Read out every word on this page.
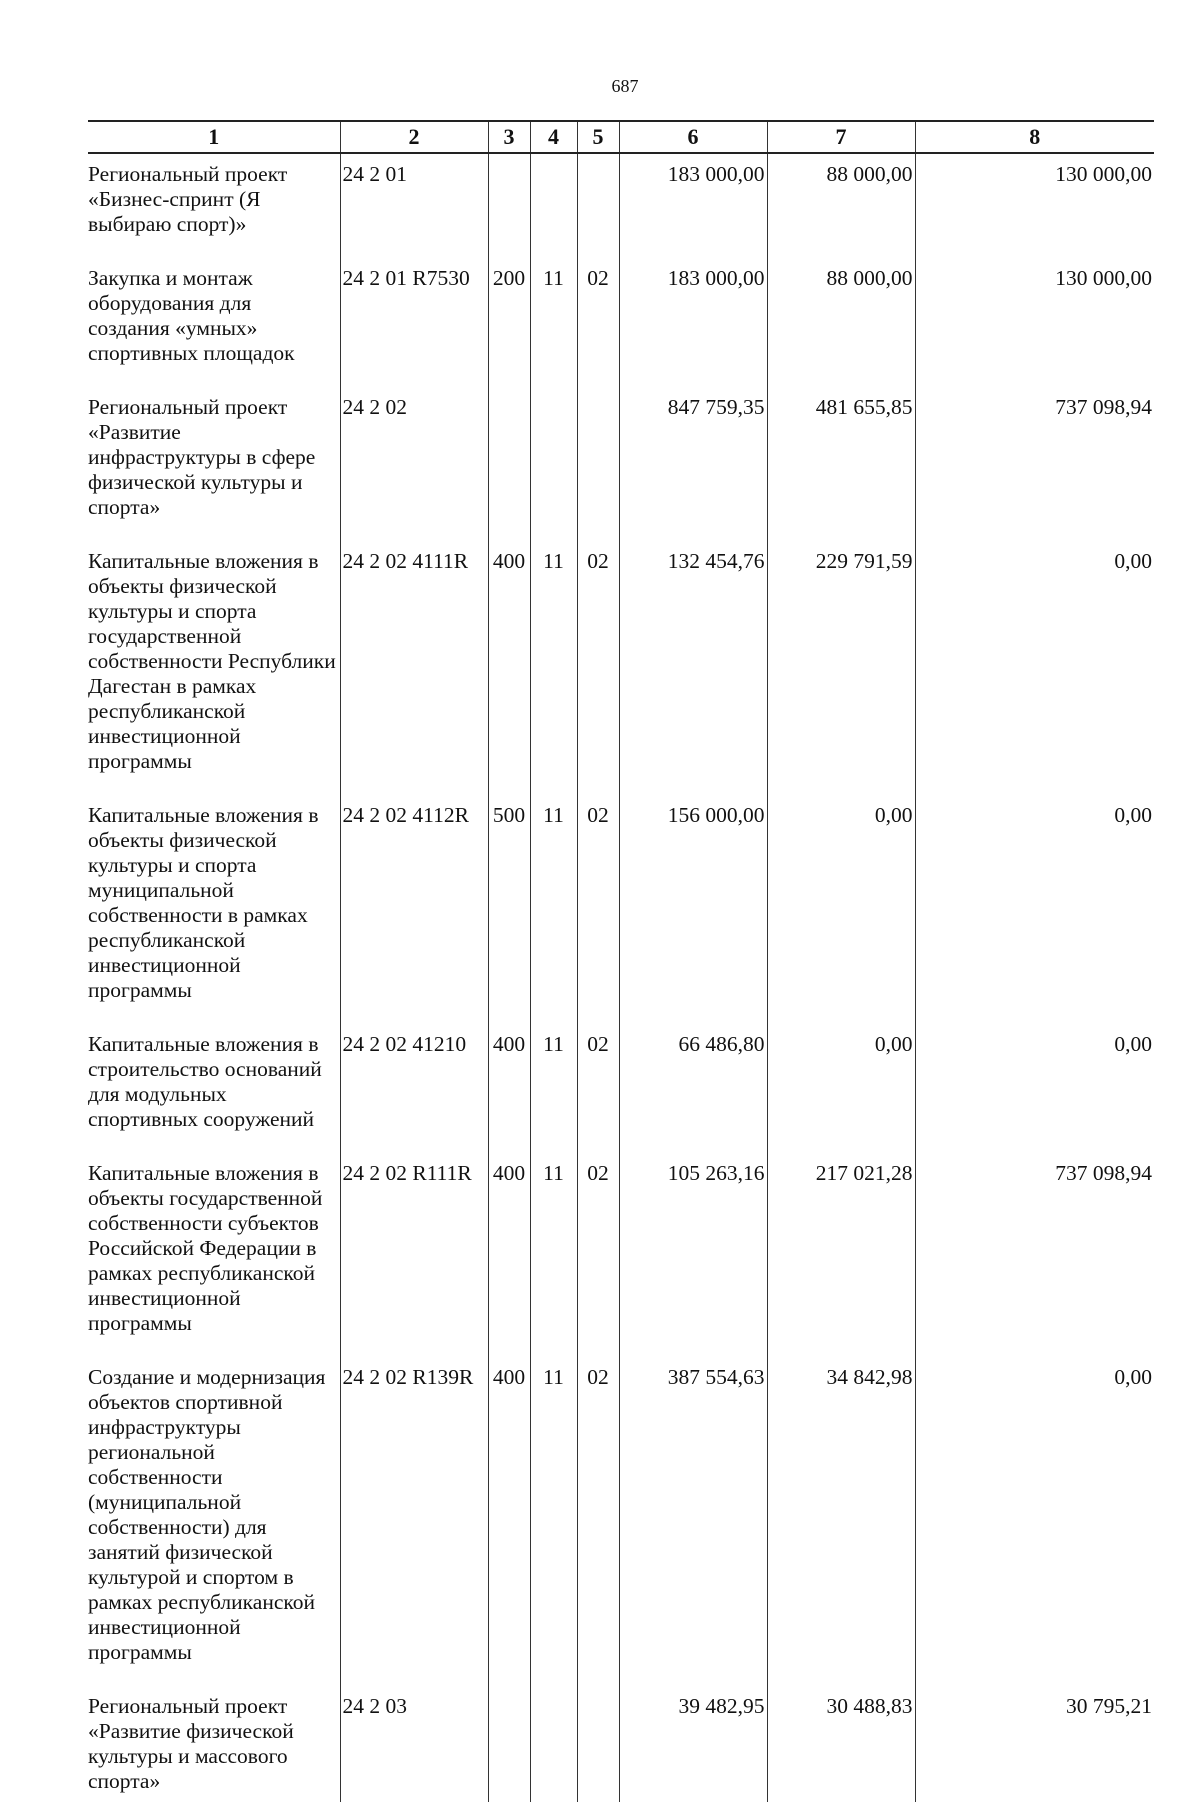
687
1	2	3	4	5	6	7	8
Региональный проект «Бизнес-спринт (Я выбираю спорт)»	24 2 01				183 000,00	88 000,00	130 000,00
Закупка и монтаж оборудования для создания «умных» спортивных площадок	24 2 01 R7530	200	11	02	183 000,00	88 000,00	130 000,00
Региональный проект «Развитие инфраструктуры в сфере физической культуры и спорта»	24 2 02				847 759,35	481 655,85	737 098,94
Капитальные вложения в объекты физической культуры и спорта государственной собственности Республики Дагестан в рамках республиканской инвестиционной программы	24 2 02 4111R	400	11	02	132 454,76	229 791,59	0,00
Капитальные вложения в объекты физической культуры и спорта муниципальной собственности в рамках республиканской инвестиционной программы	24 2 02 4112R	500	11	02	156 000,00	0,00	0,00
Капитальные вложения в строительство оснований для модульных спортивных сооружений	24 2 02 41210	400	11	02	66 486,80	0,00	0,00
Капитальные вложения в объекты государственной собственности субъектов Российской Федерации в рамках республиканской инвестиционной программы	24 2 02 R111R	400	11	02	105 263,16	217 021,28	737 098,94
Создание и модернизация объектов спортивной инфраструктуры региональной собственности (муниципальной собственности) для занятий физической культурой и спортом в рамках республиканской инвестиционной программы	24 2 02 R139R	400	11	02	387 554,63	34 842,98	0,00
Региональный проект «Развитие физической культуры и массового спорта»	24 2 03				39 482,95	30 488,83	30 795,21
